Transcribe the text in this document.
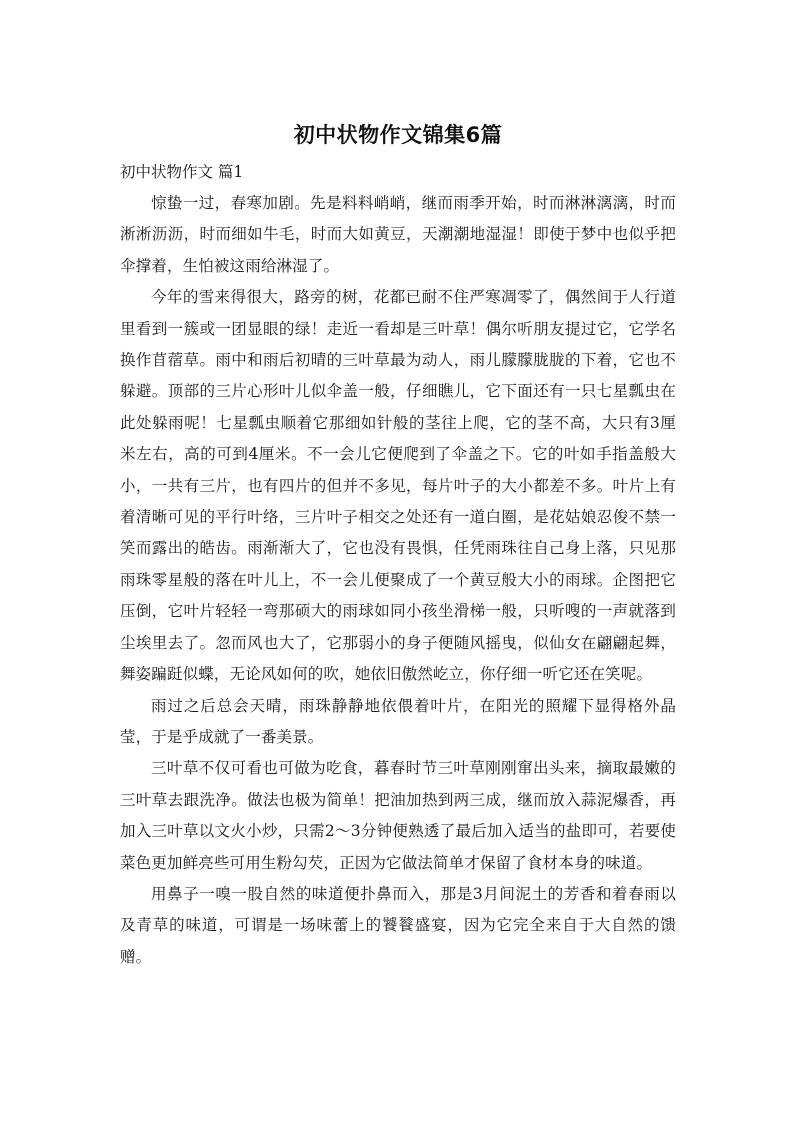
初中状物作文锦集6篇
初中状物作文 篇1

惊蛰一过，春寒加剧。先是料料峭峭，继而雨季开始，时而淋淋漓漓，时而淅淅沥沥，时而细如牛毛，时而大如黄豆，天潮潮地湿湿！即使于梦中也似乎把伞撑着，生怕被这雨给淋湿了。

今年的雪来得很大，路旁的树，花都已耐不住严寒凋零了，偶然间于人行道里看到一簇或一团显眼的绿！走近一看却是三叶草！偶尔听朋友提过它，它学名换作苜蓿草。雨中和雨后初晴的三叶草最为动人，雨儿朦朦胧胧的下着，它也不躲避。顶部的三片心形叶儿似伞盖一般，仔细瞧儿，它下面还有一只七星瓢虫在此处躲雨呢！七星瓢虫顺着它那细如针般的茎往上爬，它的茎不高，大只有3厘米左右，高的可到4厘米。不一会儿它便爬到了伞盖之下。它的叶如手指盖般大小，一共有三片，也有四片的但并不多见，每片叶子的大小都差不多。叶片上有着清晰可见的平行叶络，三片叶子相交之处还有一道白圈，是花姑娘忍俊不禁一笑而露出的皓齿。雨渐渐大了，它也没有畏惧，任凭雨珠往自己身上落，只见那雨珠零星般的落在叶儿上，不一会儿便聚成了一个黄豆般大小的雨球。企图把它压倒，它叶片轻轻一弯那硕大的雨球如同小孩坐滑梯一般，只听嗖的一声就落到尘埃里去了。忽而风也大了，它那弱小的身子便随风摇曳，似仙女在翩翩起舞，舞姿蹁跹似蝶，无论风如何的吹，她依旧傲然屹立，你仔细一听它还在笑呢。

雨过之后总会天晴，雨珠静静地依偎着叶片，在阳光的照耀下显得格外晶莹，于是乎成就了一番美景。

三叶草不仅可看也可做为吃食，暮春时节三叶草刚刚窜出头来，摘取最嫩的三叶草去跟洗净。做法也极为简单！把油加热到两三成，继而放入蒜泥爆香，再加入三叶草以文火小炒，只需2～3分钟便熟透了最后加入适当的盐即可，若要使菜色更加鲜亮些可用生粉勾芡，正因为它做法简单才保留了食材本身的味道。

用鼻子一嗅一股自然的味道便扑鼻而入，那是3月间泥土的芳香和着春雨以及青草的味道，可谓是一场味蕾上的饕餮盛宴，因为它完全来自于大自然的馈赠。
